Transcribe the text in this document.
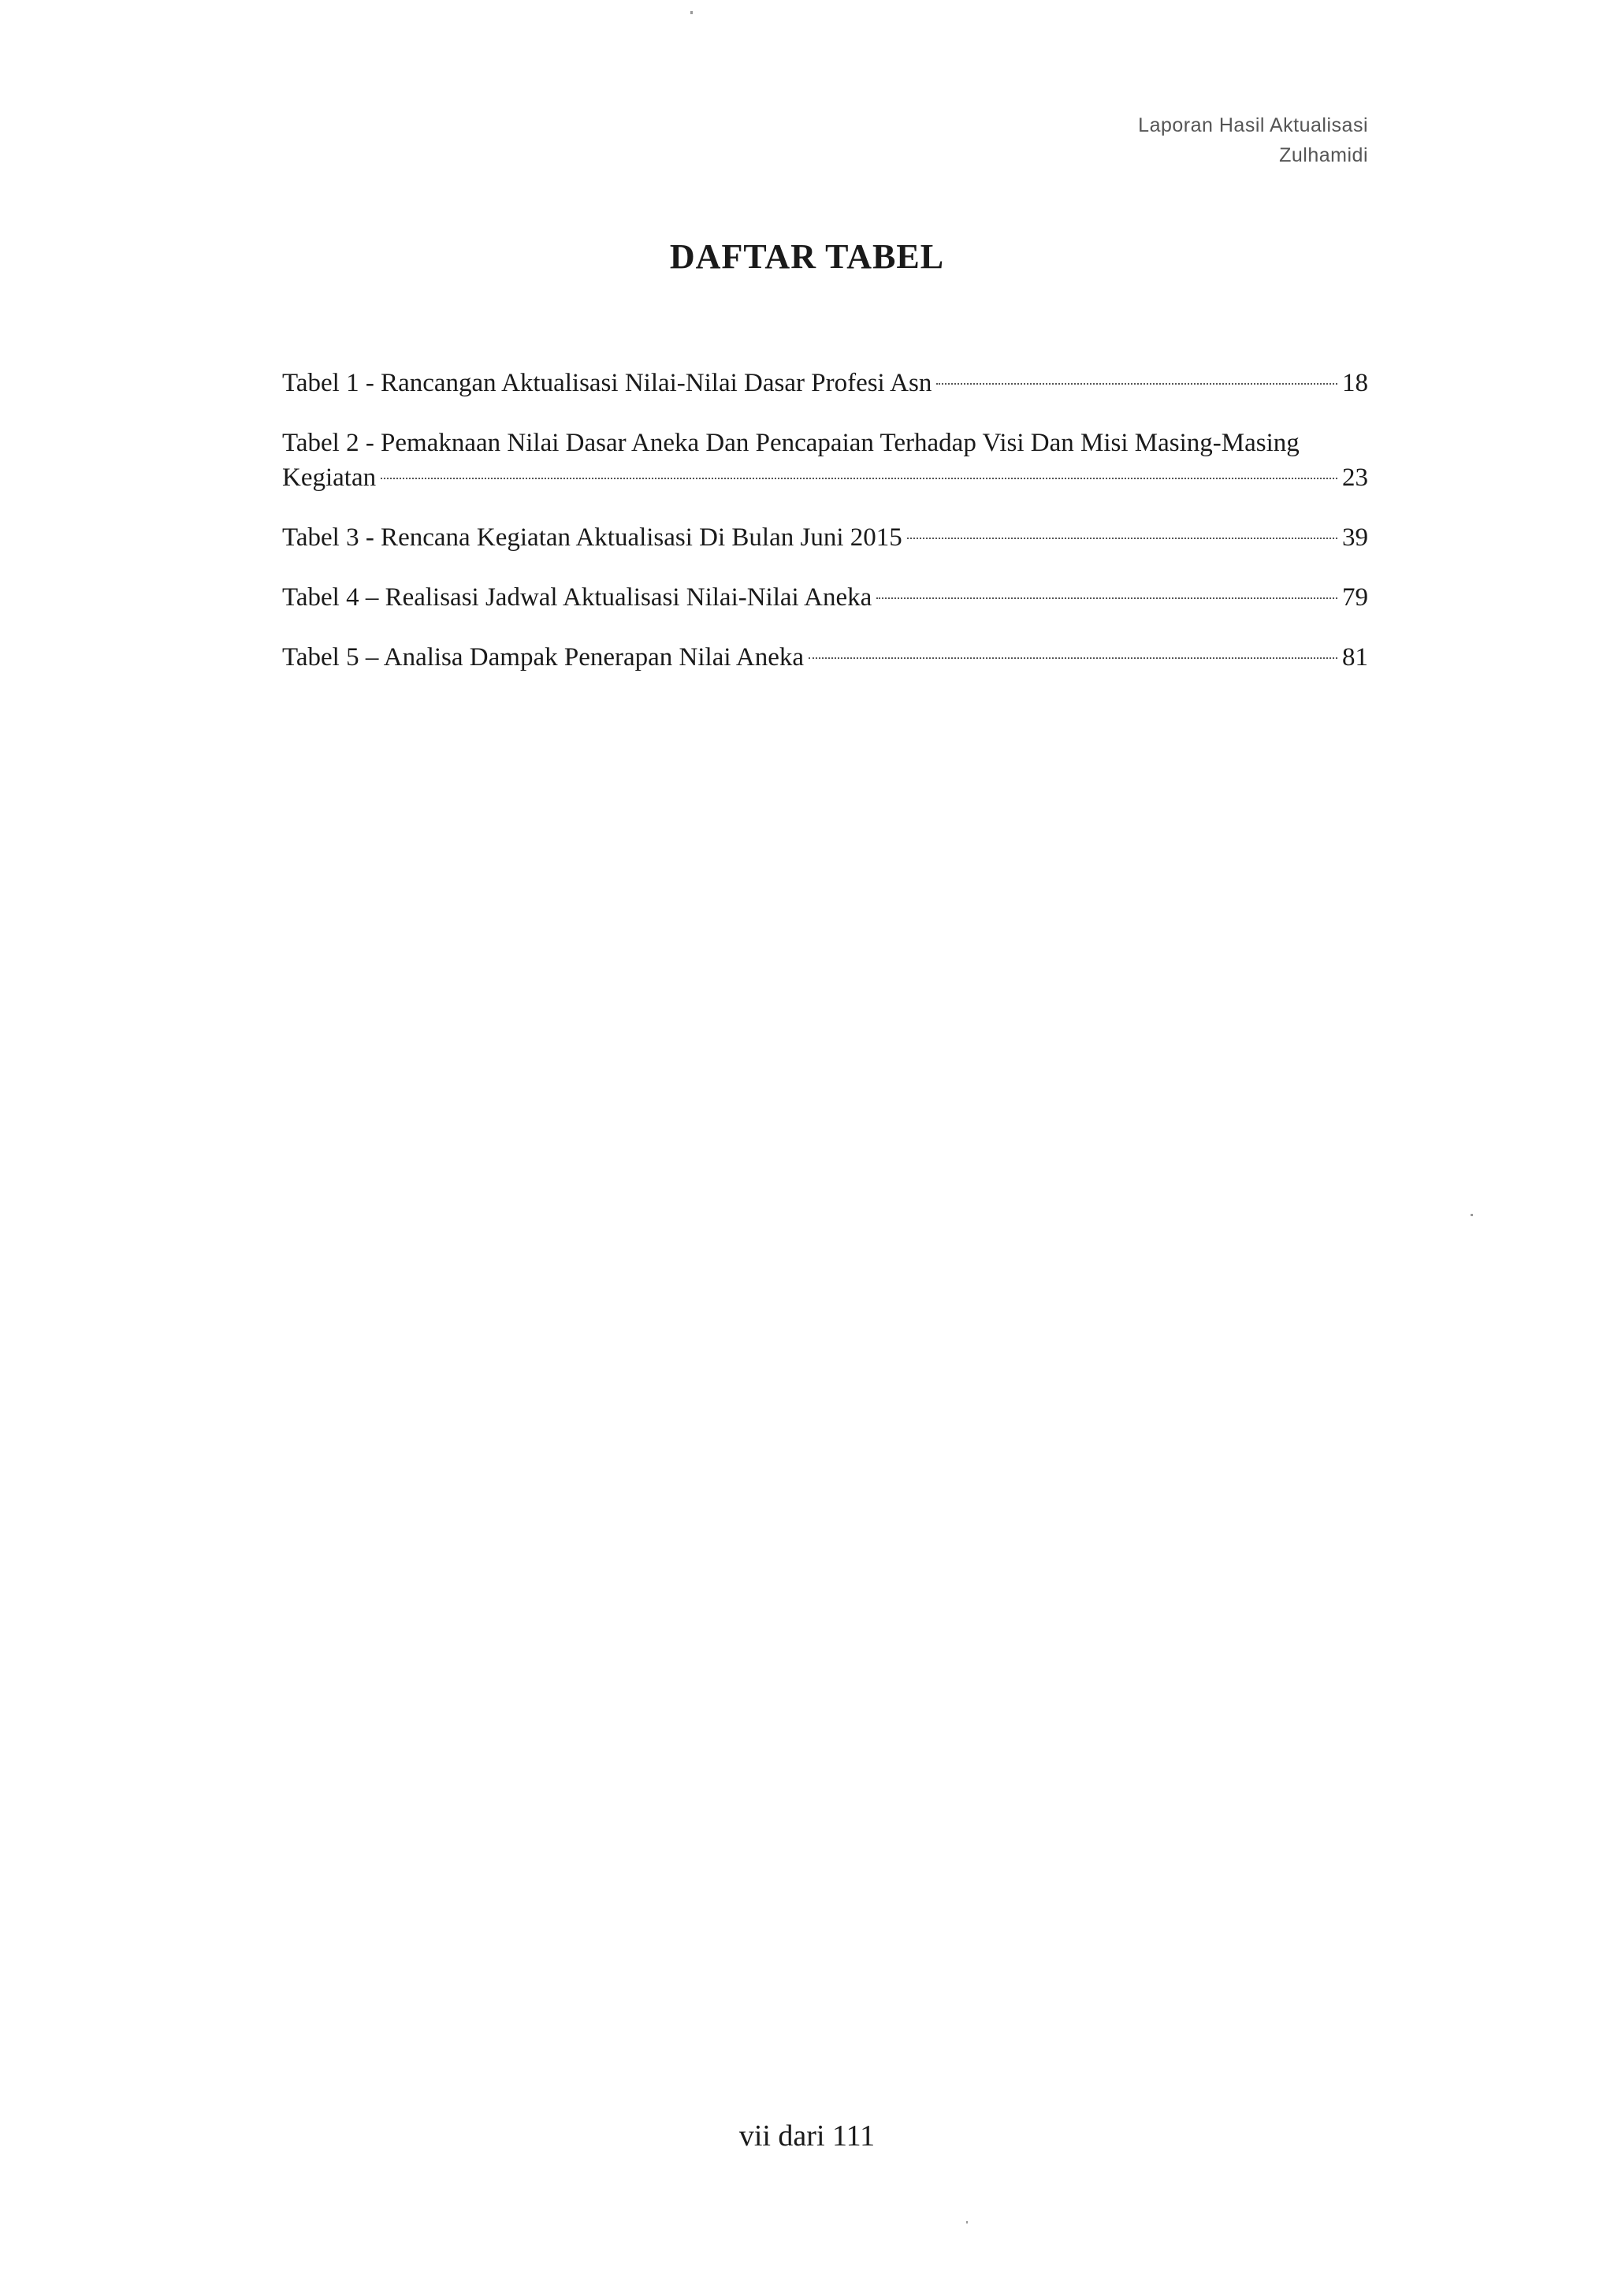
Laporan Hasil Aktualisasi
Zulhamidi
DAFTAR TABEL
Tabel 1 - Rancangan Aktualisasi Nilai-Nilai Dasar Profesi Asn	18
Tabel 2 - Pemaknaan Nilai Dasar Aneka Dan Pencapaian Terhadap Visi Dan Misi Masing-Masing
Kegiatan	23
Tabel 3 - Rencana Kegiatan Aktualisasi Di Bulan Juni 2015	39
Tabel 4 – Realisasi Jadwal Aktualisasi Nilai-Nilai Aneka	79
Tabel 5 – Analisa Dampak Penerapan Nilai Aneka	81
vii dari 111
